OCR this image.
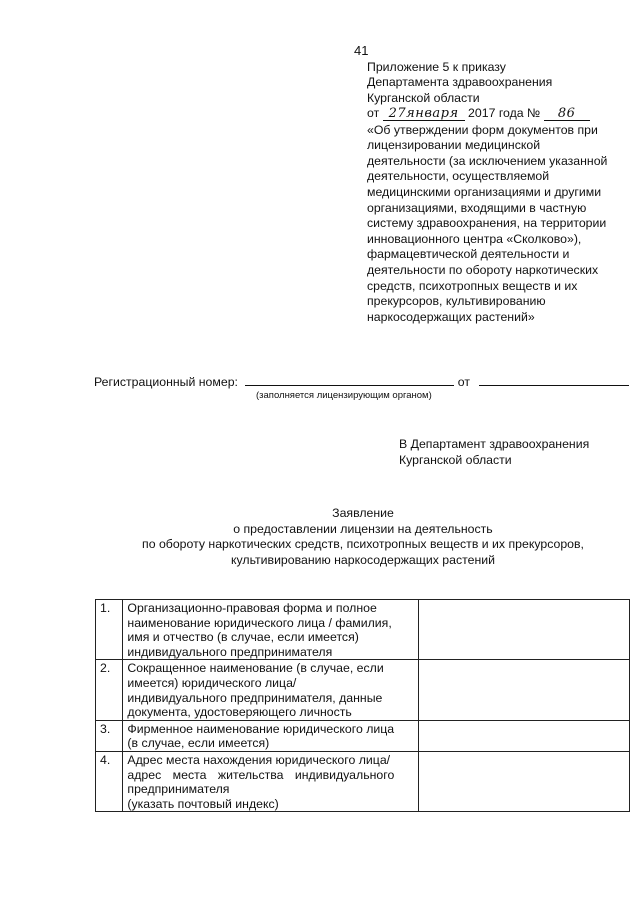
41
Приложение 5 к приказу
Департамента здравоохранения
Курганской области
от 27января 2017 года № 86
«Об утверждении форм документов при
лицензировании медицинской
деятельности (за исключением указанной
деятельности, осуществляемой
медицинскими организациями и другими
организациями, входящими в частную
систему здравоохранения, на территории
инновационного центра «Сколково»),
фармацевтической деятельности и
деятельности по обороту наркотических
средств, психотропных веществ и их
прекурсоров, культивированию
наркосодержащих растений»
Регистрационный номер:	от
(заполняется лицензирующим органом)
В Департамент здравоохранения
Курганской области
Заявление
о предоставлении лицензии на деятельность
по обороту наркотических средств, психотропных веществ и их прекурсоров,
культивированию наркосодержащих растений
1.	Организационно-правовая форма и полное
наименование юридического лица / фамилия,
имя и отчество (в случае, если имеется)
индивидуального предпринимателя	

2.	Сокращенное наименование (в случае, если
имеется) юридического лица/
индивидуального предпринимателя, данные
документа, удостоверяющего личность	

3.	Фирменное наименование юридического лица
(в случае, если имеется)	

4.	Адрес места нахождения юридического лица/
адрес места жительства индивидуального
предпринимателя
(указать почтовый индекс)	
